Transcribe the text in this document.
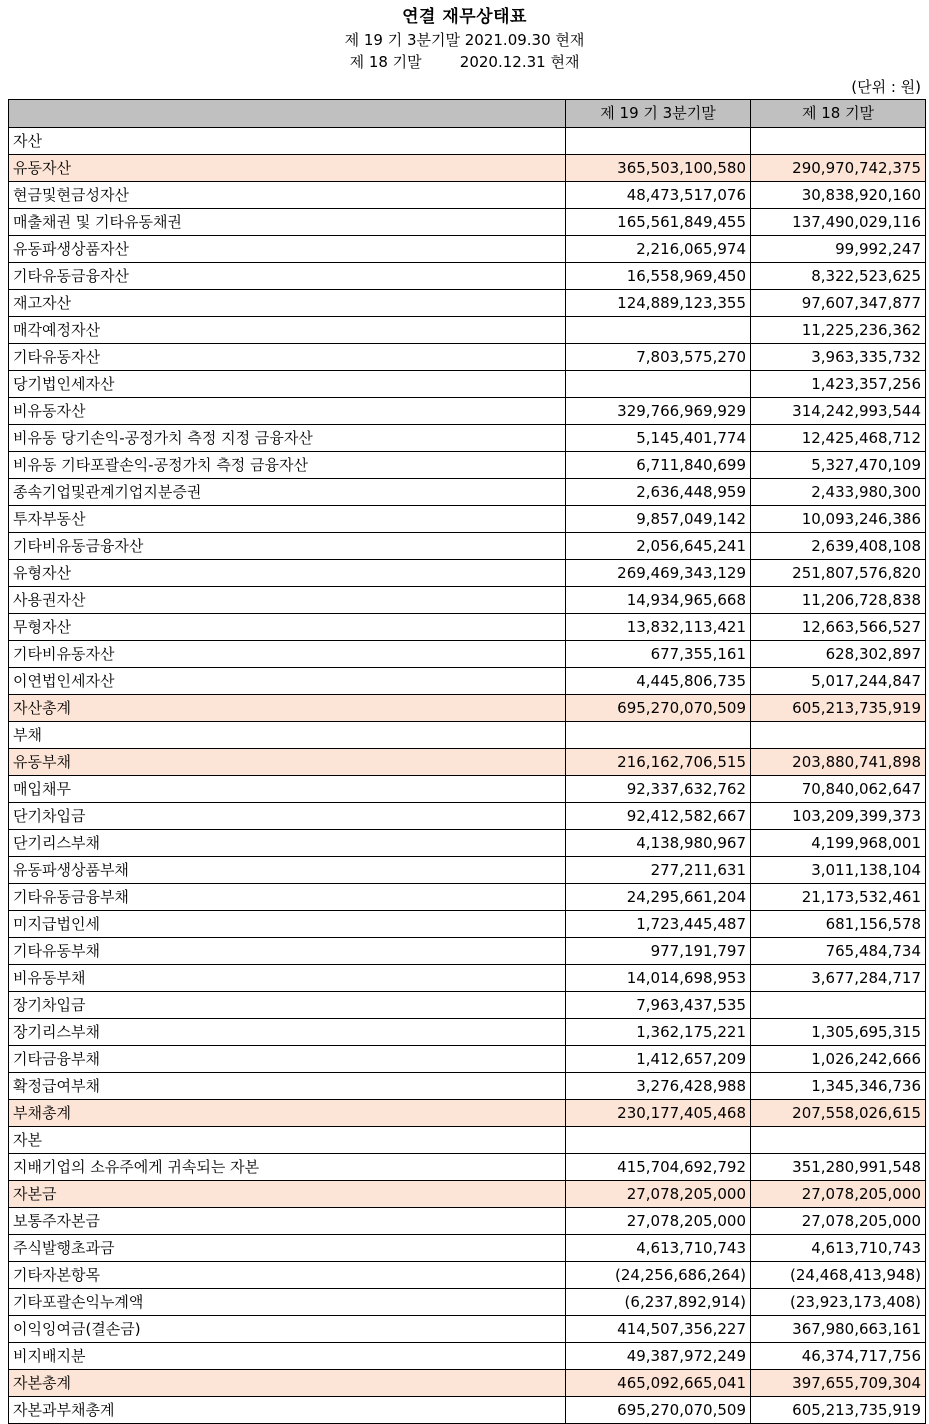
연결 재무상태표
제 19 기 3분기말 2021.09.30 현재
제 18 기말        2020.12.31 현재
(단위 : 원)
	제 19 기 3분기말	제 18 기말
자산		
유동자산	365,503,100,580	290,970,742,375
현금및현금성자산	48,473,517,076	30,838,920,160
매출채권 및 기타유동채권	165,561,849,455	137,490,029,116
유동파생상품자산	2,216,065,974	99,992,247
기타유동금융자산	16,558,969,450	8,322,523,625
재고자산	124,889,123,355	97,607,347,877
매각예정자산		11,225,236,362
기타유동자산	7,803,575,270	3,963,335,732
당기법인세자산		1,423,357,256
비유동자산	329,766,969,929	314,242,993,544
비유동 당기손익-공정가치 측정 지정 금융자산	5,145,401,774	12,425,468,712
비유동 기타포괄손익-공정가치 측정 금융자산	6,711,840,699	5,327,470,109
종속기업및관계기업지분증권	2,636,448,959	2,433,980,300
투자부동산	9,857,049,142	10,093,246,386
기타비유동금융자산	2,056,645,241	2,639,408,108
유형자산	269,469,343,129	251,807,576,820
사용권자산	14,934,965,668	11,206,728,838
무형자산	13,832,113,421	12,663,566,527
기타비유동자산	677,355,161	628,302,897
이연법인세자산	4,445,806,735	5,017,244,847
자산총계	695,270,070,509	605,213,735,919
부채		
유동부채	216,162,706,515	203,880,741,898
매입채무	92,337,632,762	70,840,062,647
단기차입금	92,412,582,667	103,209,399,373
단기리스부채	4,138,980,967	4,199,968,001
유동파생상품부채	277,211,631	3,011,138,104
기타유동금융부채	24,295,661,204	21,173,532,461
미지급법인세	1,723,445,487	681,156,578
기타유동부채	977,191,797	765,484,734
비유동부채	14,014,698,953	3,677,284,717
장기차입금	7,963,437,535	
장기리스부채	1,362,175,221	1,305,695,315
기타금융부채	1,412,657,209	1,026,242,666
확정급여부채	3,276,428,988	1,345,346,736
부채총계	230,177,405,468	207,558,026,615
자본		
지배기업의 소유주에게 귀속되는 자본	415,704,692,792	351,280,991,548
자본금	27,078,205,000	27,078,205,000
보통주자본금	27,078,205,000	27,078,205,000
주식발행초과금	4,613,710,743	4,613,710,743
기타자본항목	(24,256,686,264)	(24,468,413,948)
기타포괄손익누계액	(6,237,892,914)	(23,923,173,408)
이익잉여금(결손금)	414,507,356,227	367,980,663,161
비지배지분	49,387,972,249	46,374,717,756
자본총계	465,092,665,041	397,655,709,304
자본과부채총계	695,270,070,509	605,213,735,919
